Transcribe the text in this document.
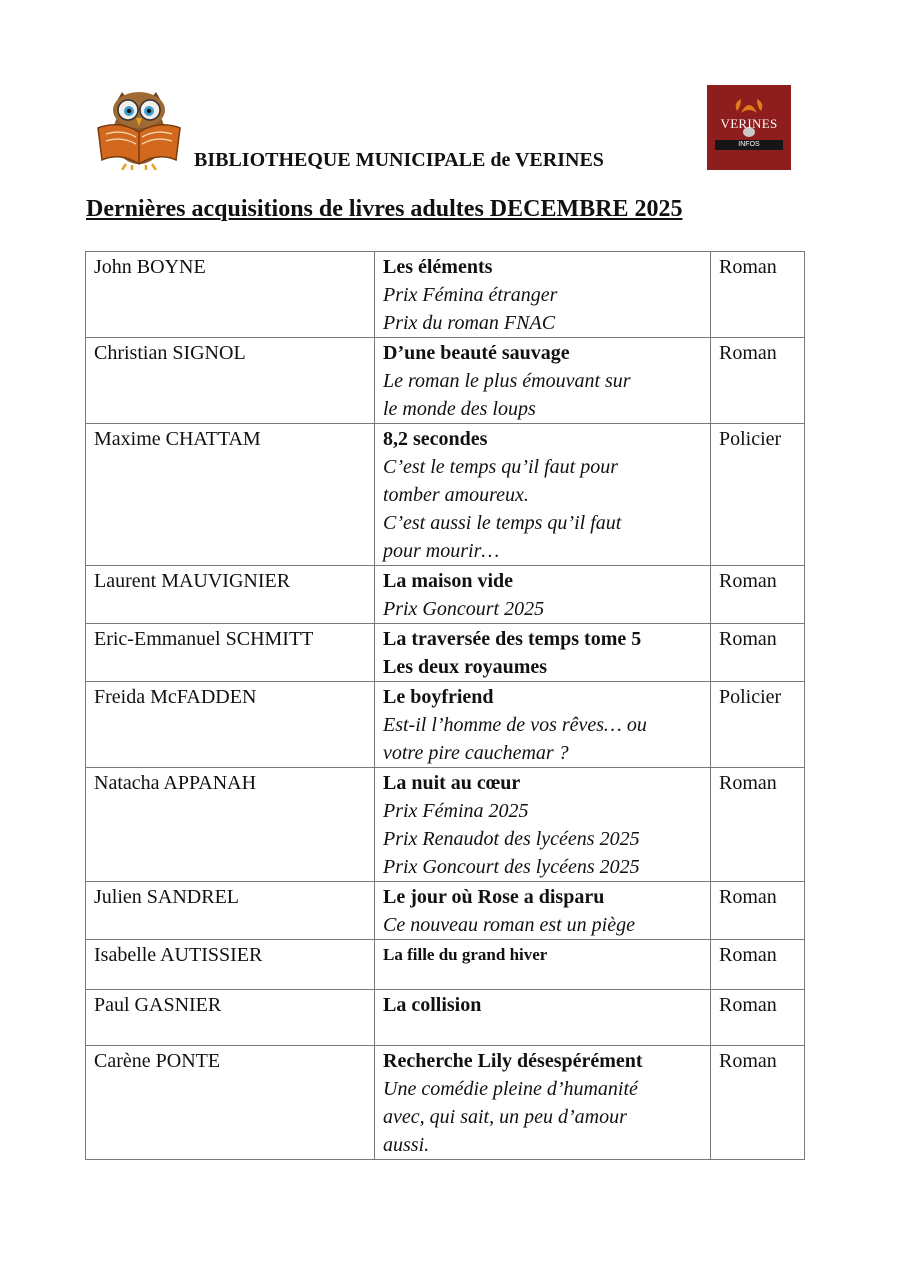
VERINES
INFOS
BIBLIOTHEQUE MUNICIPALE de VERINES
Dernières acquisitions de livres adultes DECEMBRE 2025
John BOYNE	Les éléments
Prix Fémina étranger
Prix du roman FNAC	Roman
Christian SIGNOL	D’une beauté sauvage
Le roman le plus émouvant sur
le monde des loups	Roman
Maxime CHATTAM	8,2 secondes
C’est le temps qu’il faut pour
tomber amoureux.
C’est aussi le temps qu’il faut
pour mourir…	Policier
Laurent MAUVIGNIER	La maison vide
Prix Goncourt 2025	Roman
Eric-Emmanuel SCHMITT	La traversée des temps tome 5
Les deux royaumes	Roman
Freida McFADDEN	Le boyfriend
Est-il l’homme de vos rêves… ou
votre pire cauchemar ?	Policier
Natacha APPANAH	La nuit au cœur
Prix Fémina 2025
Prix Renaudot des lycéens 2025
Prix Goncourt des lycéens 2025	Roman
Julien SANDREL	Le jour où Rose a disparu
Ce nouveau roman est un piège	Roman
Isabelle AUTISSIER	La fille du grand hiver	Roman
Paul GASNIER	La collision	Roman
Carène PONTE	Recherche Lily désespérément
Une comédie pleine d’humanité
avec, qui sait, un peu d’amour
aussi.	Roman
